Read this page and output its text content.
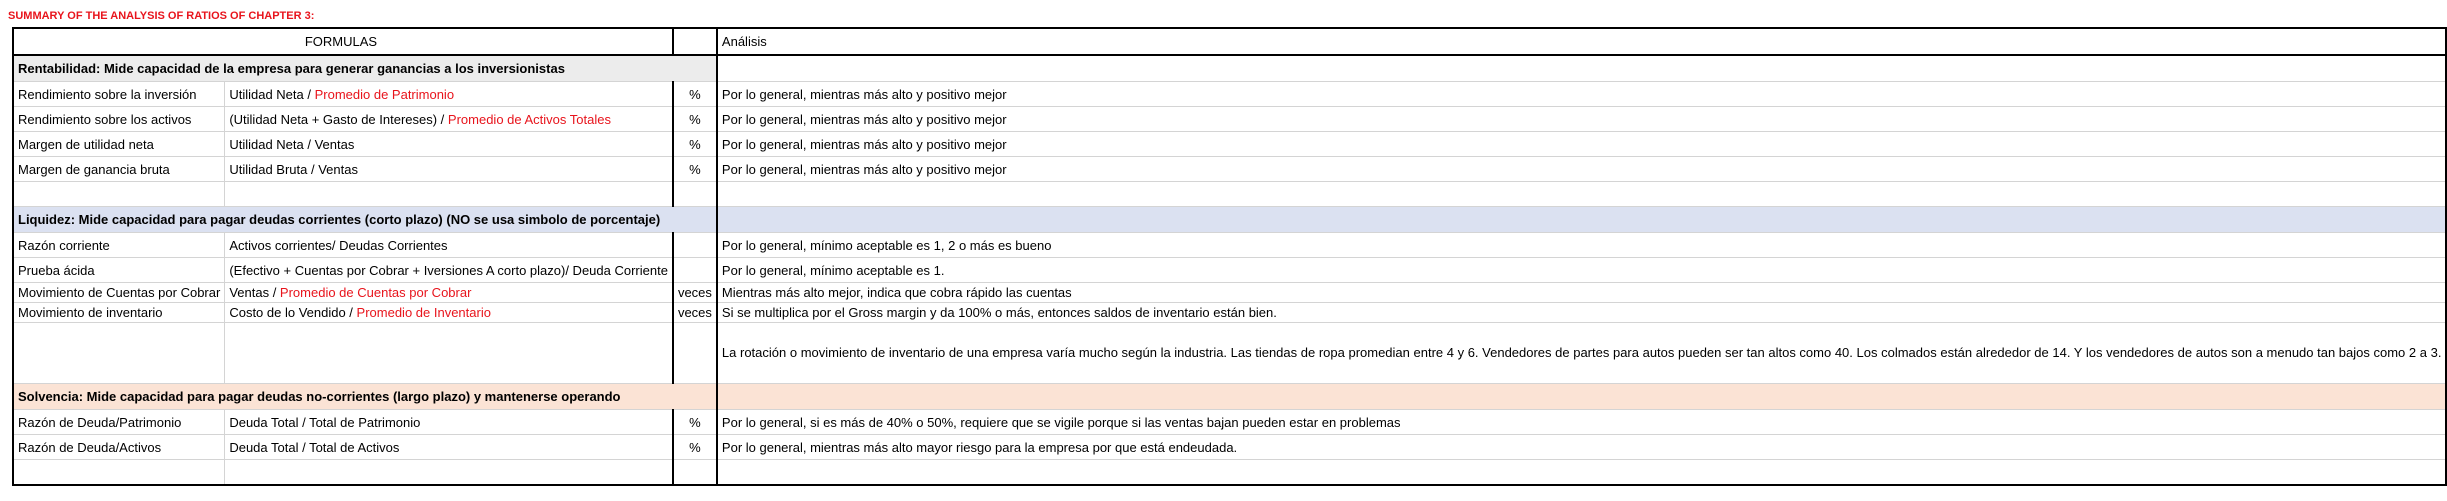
SUMMARY OF THE ANALYSIS OF RATIOS OF CHAPTER 3:
	FORMULAS		Análisis
Rentabilidad: Mide capacidad de la empresa para generar ganancias a los inversionistas			
Rendimiento sobre la inversión	Utilidad Neta / Promedio de Patrimonio	%	Por lo general, mientras más alto y positivo mejor
Rendimiento sobre los activos	(Utilidad Neta + Gasto de Intereses) / Promedio de Activos Totales	%	Por lo general, mientras más alto y positivo mejor
Margen de utilidad neta	Utilidad Neta / Ventas	%	Por lo general, mientras más alto y positivo mejor
Margen de ganancia bruta	Utilidad Bruta / Ventas	%	Por lo general, mientras más alto y positivo mejor

Liquidez: Mide capacidad para pagar deudas corrientes (corto plazo) (NO se usa simbolo de porcentaje)			
Razón corriente	Activos corrientes/ Deudas Corrientes		Por lo general, mínimo aceptable es 1, 2 o más es bueno
Prueba ácida	(Efectivo + Cuentas por Cobrar + Iversiones A corto plazo)/ Deuda Corriente		Por lo general, mínimo aceptable es 1.
Movimiento de Cuentas por Cobrar	Ventas / Promedio de Cuentas por Cobrar	veces	Mientras más alto mejor, indica que cobra rápido las cuentas
Movimiento de inventario	Costo de lo Vendido / Promedio de Inventario	veces	Si se multiplica por el Gross margin y da 100% o más, entonces saldos de inventario están bien.
			La rotación o movimiento de inventario de una empresa varía mucho según la industria. Las tiendas de ropa promedian entre 4 y 6. Vendedores de partes para autos pueden ser tan altos como 40. Los colmados están alrededor de 14. Y los vendedores de autos son a menudo tan bajos como 2 a 3.
Solvencia: Mide capacidad para pagar deudas no-corrientes (largo plazo) y mantenerse operando			
Razón de Deuda/Patrimonio	Deuda Total / Total de Patrimonio	%	Por lo general, si es más de 40% o 50%, requiere que se vigile porque si las ventas bajan pueden estar en problemas
Razón de Deuda/Activos	Deuda Total / Total de Activos	%	Por lo general, mientras más alto mayor riesgo para la empresa por que está endeudada.
